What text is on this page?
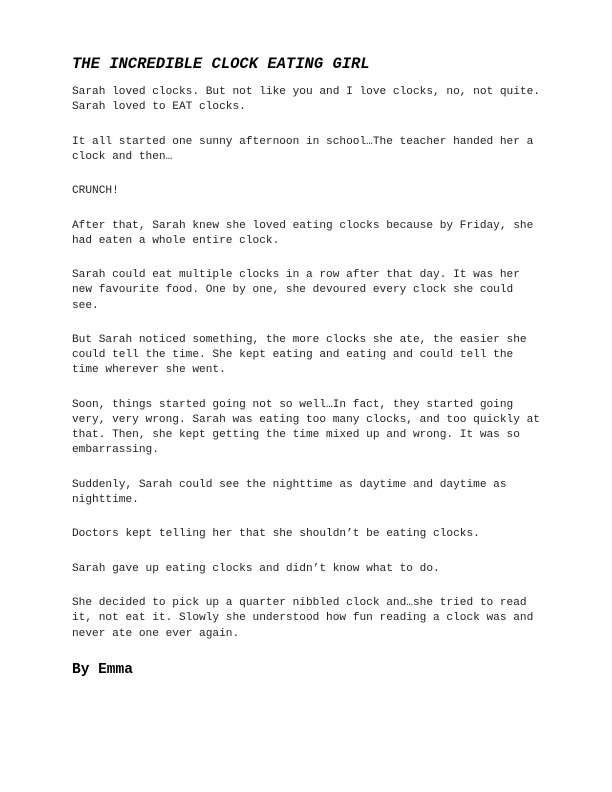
THE INCREDIBLE CLOCK EATING GIRL

Sarah loved clocks. But not like you and I love clocks, no, not quite. Sarah loved to EAT clocks.

It all started one sunny afternoon in school…The teacher handed her a clock and then…

CRUNCH!

After that, Sarah knew she loved eating clocks because by Friday, she had eaten a whole entire clock.

Sarah could eat multiple clocks in a row after that day. It was her new favourite food. One by one, she devoured every clock she could see.

But Sarah noticed something, the more clocks she ate, the easier she could tell the time. She kept eating and eating and could tell the time wherever she went.

Soon, things started going not so well…In fact, they started going very, very wrong. Sarah was eating too many clocks, and too quickly at that. Then, she kept getting the time mixed up and wrong. It was so embarrassing.

Suddenly, Sarah could see the nighttime as daytime and daytime as nighttime.

Doctors kept telling her that she shouldn’t be eating clocks.

Sarah gave up eating clocks and didn’t know what to do.

She decided to pick up a quarter nibbled clock and…she tried to read it, not eat it. Slowly she understood how fun reading a clock was and never ate one ever again.

By Emma
